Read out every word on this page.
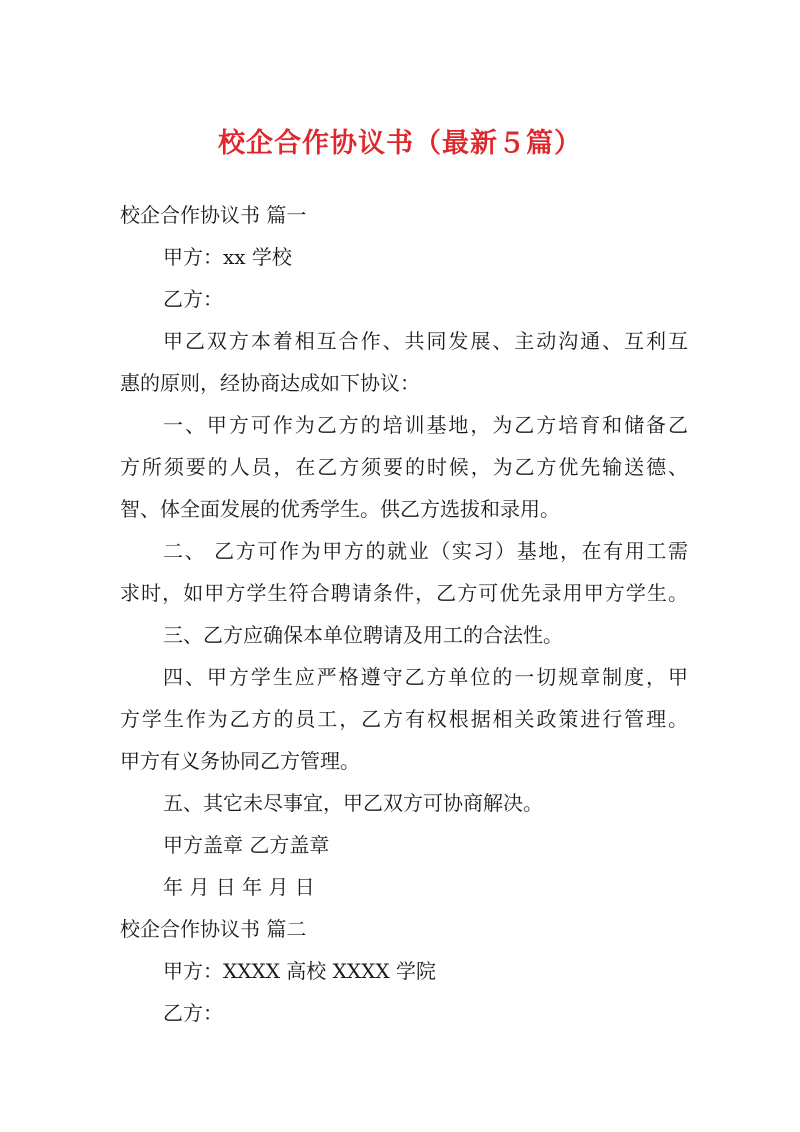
校企合作协议书（最新５篇）
校企合作协议书 篇一
甲方：xx 学校
乙方：
甲乙双方本着相互合作、共同发展、主动沟通、互利互
惠的原则，经协商达成如下协议：
一、甲方可作为乙方的培训基地，为乙方培育和储备乙
方所须要的人员，在乙方须要的时候，为乙方优先输送德、
智、体全面发展的优秀学生。供乙方选拔和录用。
二、 乙方可作为甲方的就业（实习）基地，在有用工需
求时，如甲方学生符合聘请条件，乙方可优先录用甲方学生。
三、乙方应确保本单位聘请及用工的合法性。
四、甲方学生应严格遵守乙方单位的一切规章制度，甲
方学生作为乙方的员工，乙方有权根据相关政策进行管理。
甲方有义务协同乙方管理。
五、其它未尽事宜，甲乙双方可协商解决。
甲方盖章 乙方盖章
年 月 日 年 月 日
校企合作协议书 篇二
甲方：XXXX 高校 XXXX 学院
乙方：
